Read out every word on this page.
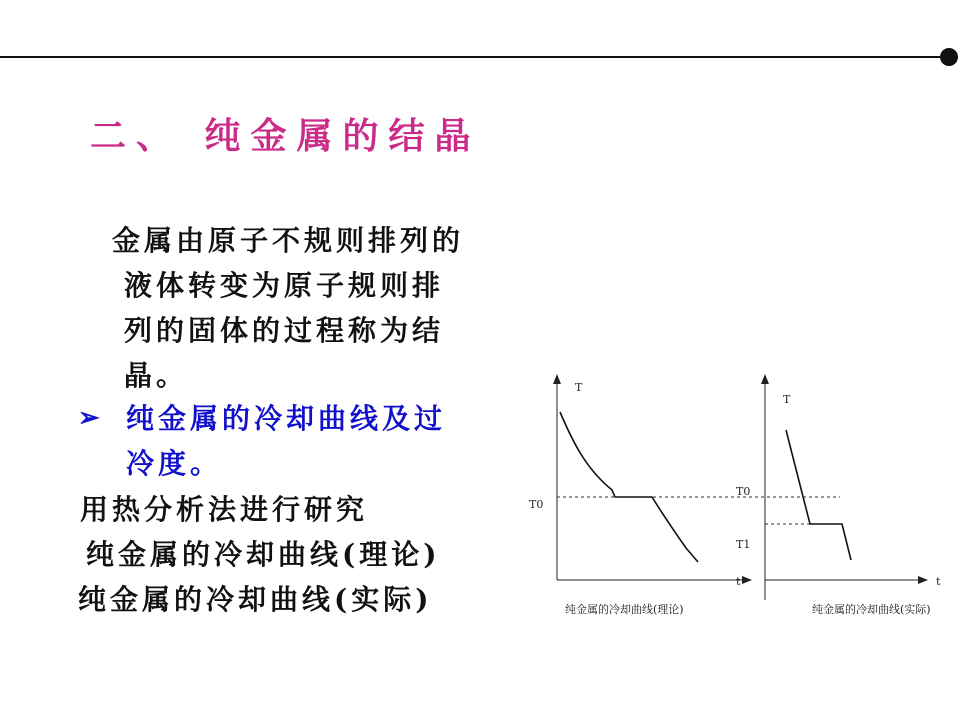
二、 纯金属的结晶
金属由原子不规则排列的
液体转变为原子规则排
列的固体的过程称为结
晶。
➢ 纯金属的冷却曲线及过
冷度。
用热分析法进行研究
纯金属的冷却曲线(理论)
纯金属的冷却曲线(实际)
T
t
T0
纯金属的冷却曲线(理论)
T
t
T0
T1
纯金属的冷却曲线(实际)
